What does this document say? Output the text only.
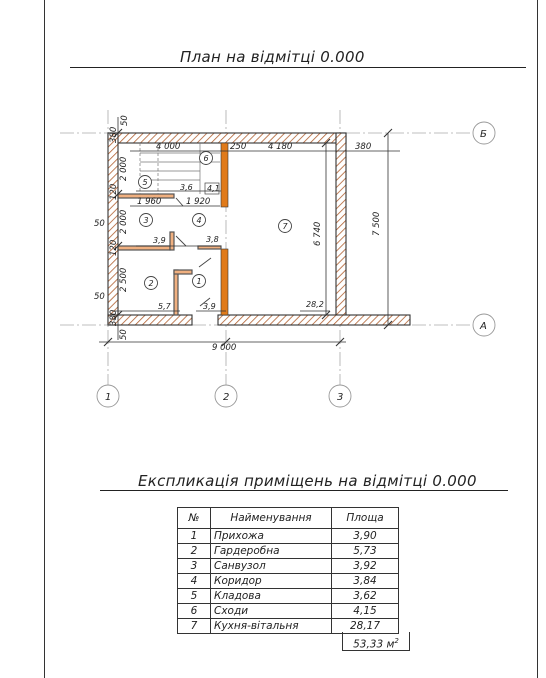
План на відмітці 0.000
4 000	250	4 180	380
9 000
1 960	1 920
7 500
6 740
380
50
2 000
120
2 000
50
120
2 500
50
380
50
5
6
3	4
7
2	1
3,6 4,1
3,9	3,8
5,7	3,9	28,2
Б
А
1	2	3
Експликація приміщень на відмітці 0.000
№	Найменування	Площа
1	Прихожа	3,90
2	Гардеробна	5,73
3	Санвузол	3,92
4	Коридор	3,84
5	Кладова	3,62
6	Сходи	4,15
7	Кухня-вітальня	28,17
53,33 $м^2$
